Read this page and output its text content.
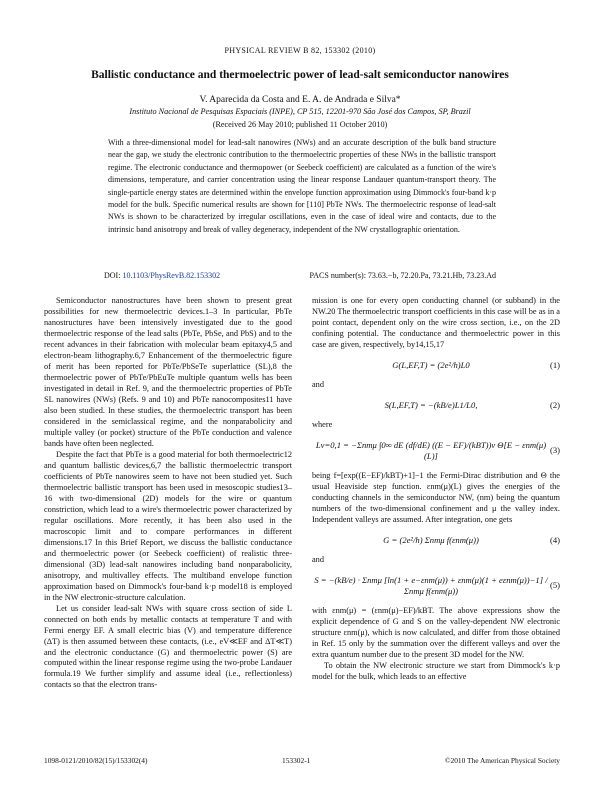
PHYSICAL REVIEW B 82, 153302 (2010)
Ballistic conductance and thermoelectric power of lead-salt semiconductor nanowires
V. Aparecida da Costa and E. A. de Andrada e Silva*
Instituto Nacional de Pesquisas Espaciais (INPE), CP 515, 12201-970 São José dos Campos, SP, Brazil
(Received 26 May 2010; published 11 October 2010)
With a three-dimensional model for lead-salt nanowires (NWs) and an accurate description of the bulk band structure near the gap, we study the electronic contribution to the thermoelectric properties of these NWs in the ballistic transport regime. The electronic conductance and thermopower (or Seebeck coefficient) are calculated as a function of the wire's dimensions, temperature, and carrier concentration using the linear response Landauer quantum-transport theory. The single-particle energy states are determined within the envelope function approximation using Dimmock's four-band k·p model for the bulk. Specific numerical results are shown for [110] PbTe NWs. The thermoelectric response of lead-salt NWs is shown to be characterized by irregular oscillations, even in the case of ideal wire and contacts, due to the intrinsic band anisotropy and break of valley degeneracy, independent of the NW crystallographic orientation.
DOI: 10.1103/PhysRevB.82.153302	PACS number(s): 73.63.−b, 72.20.Pa, 73.21.Hb, 73.23.Ad

Semiconductor nanostructures have been shown to present great possibilities for new thermoelectric devices.1–3 In particular, PbTe nanostructures have been intensively investigated due to the good thermoelectric response of the lead salts (PbTe, PbSe, and PbS) and to the recent advances in their fabrication with molecular beam epitaxy4,5 and electron-beam lithography.6,7 Enhancement of the thermoelectric figure of merit has been reported for PbTe/PbSeTe superlattice (SL),8 the thermoelectric power of PbTe/PbEuTe multiple quantum wells has been investigated in detail in Ref. 9, and the thermoelectric properties of PbTe SL nanowires (NWs) (Refs. 9 and 10) and PbTe nanocomposites11 have also been studied. In these studies, the thermoelectric transport has been considered in the semiclassical regime, and the nonparabolicity and multiple valley (or pocket) structure of the PbTe conduction and valence bands have often been neglected.

Despite the fact that PbTe is a good material for both thermoelectric12 and quantum ballistic devices,6,7 the ballistic thermoelectric transport coefficients of PbTe nanowires seem to have not been studied yet. Such thermoelectric ballistic transport has been used in mesoscopic studies13–16 with two-dimensional (2D) models for the wire or quantum constriction, which lead to a wire's thermoelectric power characterized by regular oscillations. More recently, it has been also used in the macroscopic limit and to compare performances in different dimensions.17 In this Brief Report, we discuss the ballistic conductance and thermoelectric power (or Seebeck coefficient) of realistic three-dimensional (3D) lead-salt nanowires including band nonparabolicity, anisotropy, and multivalley effects. The multiband envelope function approximation based on Dimmock's four-band k·p model18 is employed in the NW electronic-structure calculation.

Let us consider lead-salt NWs with square cross section of side L connected on both ends by metallic contacts at temperature T and with Fermi energy EF. A small electric bias (V) and temperature difference (ΔT) is then assumed between these contacts, (i.e., eV≪EF and ΔT≪T) and the electronic conductance (G) and thermoelectric power (S) are computed within the linear response regime using the two-probe Landauer formula.19 We further simplify and assume ideal (i.e., reflectionless) contacts so that the electron trans-

mission is one for every open conducting channel (or subband) in the NW.20 The thermoelectric transport coefficients in this case will be as in a point contact, dependent only on the wire cross section, i.e., on the 2D confining potential. The conductance and thermoelectric power in this case are given, respectively, by14,15,17

G(L,EF,T) = (2e²/h)L0	(1)

and

S(L,EF,T) = −(kB/e)L1/L0,	(2)

where

Lν=0,1 = −Σnmμ ∫0∞ dE (df/dE) ((E − EF)/(kBT))ν Θ[E − εnm(μ)(L)]
(3)

being f=[exp((E−EF)/kBT)+1]−1 the Fermi-Dirac distribution and Θ the usual Heaviside step function. εnm(μ)(L) gives the energies of the conducting channels in the semiconductor NW, (nm) being the quantum numbers of the two-dimensional confinement and μ the valley index. Independent valleys are assumed. After integration, one gets

G = (2e²/h) Σnmμ f(εnm(μ))	(4)

and

S = −(kB/e) · Σnmμ [ln(1 + e−εnm(μ)) + εnm(μ)(1 + eεnm(μ))−1] / Σnmμ f(εnm(μ))
(5)

with εnm(μ) = (εnm(μ)−EF)/kBT. The above expressions show the explicit dependence of G and S on the valley-dependent NW electronic structure εnm(μ), which is now calculated, and differ from those obtained in Ref. 15 only by the summation over the different valleys and over the extra quantum number due to the present 3D model for the NW.

To obtain the NW electronic structure we start from Dimmock's k·p model for the bulk, which leads to an effective

1098-0121/2010/82(15)/153302(4)	153302-1	©2010 The American Physical Society
